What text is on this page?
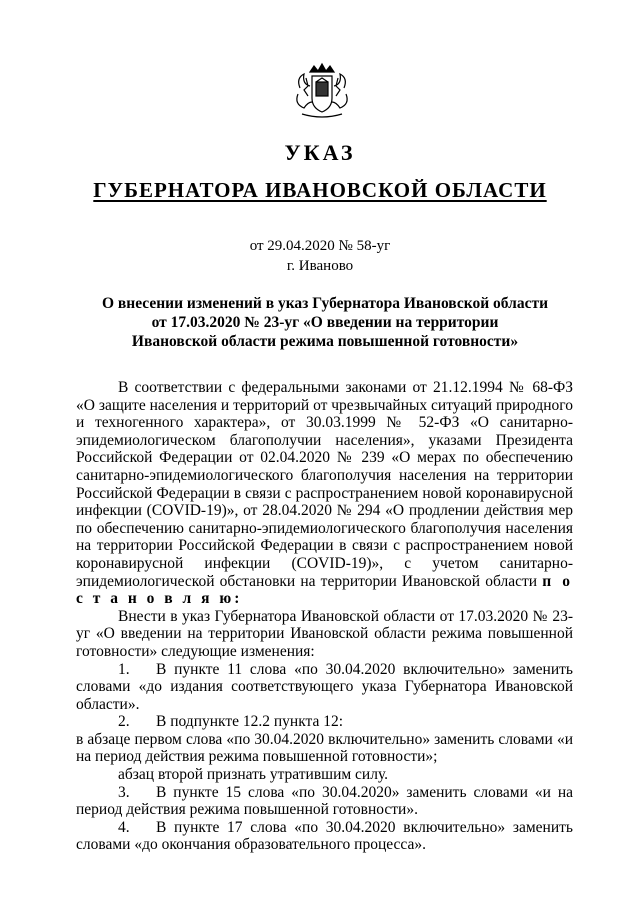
УКАЗ
ГУБЕРНАТОРА ИВАНОВСКОЙ ОБЛАСТИ
от 29.04.2020 № 58-уг
г. Иваново
О внесении изменений в указ Губернатора Ивановской области
от 17.03.2020 № 23-уг «О введении на территории
Ивановской области режима повышенной готовности»

В соответствии с федеральными законами от 21.12.1994 № 68-ФЗ «О защите населения и территорий от чрезвычайных ситуаций природного и техногенного характера», от 30.03.1999 № 52-ФЗ «О санитарно-эпидемиологическом благополучии населения», указами Президента Российской Федерации от 02.04.2020 № 239 «О мерах по обеспечению санитарно-эпидемиологического благополучия населения на территории Российской Федерации в связи с распространением новой коронавирусной инфекции (COVID-19)», от 28.04.2020 № 294 «О продлении действия мер по обеспечению санитарно-эпидемиологического благополучия населения на территории Российской Федерации в связи с распространением новой коронавирусной инфекции (COVID-19)», с учетом санитарно-эпидемиологической обстановки на территории Ивановской области п о с т а н о в л я ю:

Внести в указ Губернатора Ивановской области от 17.03.2020 № 23-уг «О введении на территории Ивановской области режима повышенной готовности» следующие изменения:

1. В пункте 11 слова «по 30.04.2020 включительно» заменить словами «до издания соответствующего указа Губернатора Ивановской области».

2. В подпункте 12.2 пункта 12:

в абзаце первом слова «по 30.04.2020 включительно» заменить словами «и на период действия режима повышенной готовности»;

абзац второй признать утратившим силу.

3. В пункте 15 слова «по 30.04.2020» заменить словами «и на период действия режима повышенной готовности».

4. В пункте 17 слова «по 30.04.2020 включительно» заменить словами «до окончания образовательного процесса».
